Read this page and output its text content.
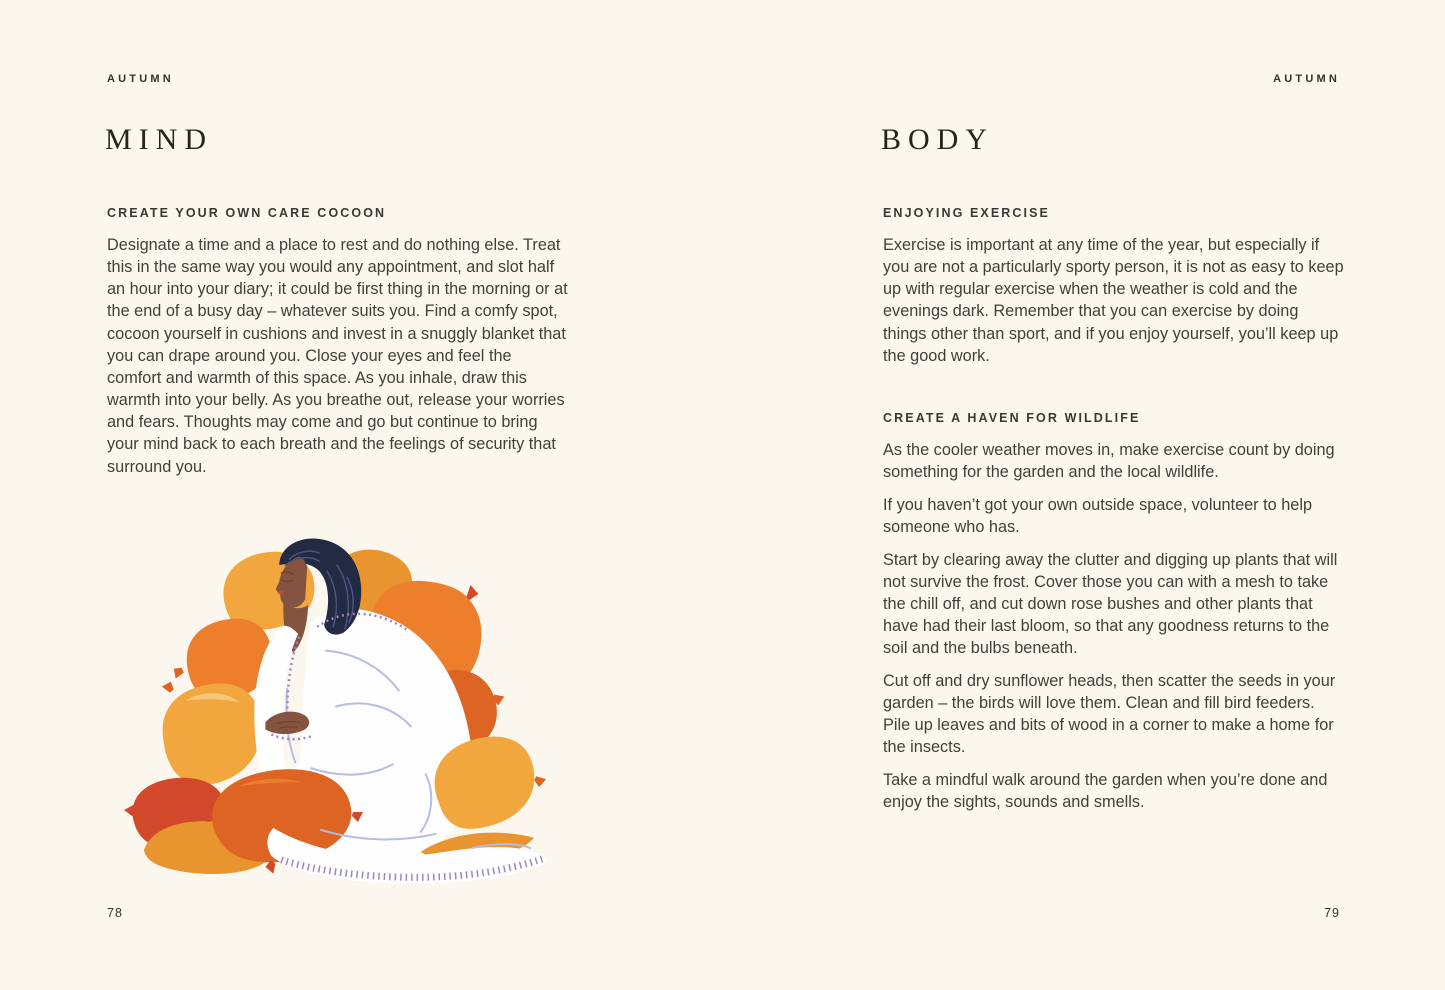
AUTUMN
MIND
CREATE YOUR OWN CARE COCOON
Designate a time and a place to rest and do nothing else. Treat this in the same way you would any appointment, and slot half an hour into your diary; it could be first thing in the morning or at the end of a busy day – whatever suits you. Find a comfy spot, cocoon yourself in cushions and invest in a snuggly blanket that you can drape around you. Close your eyes and feel the comfort and warmth of this space. As you inhale, draw this warmth into your belly. As you breathe out, release your worries and fears. Thoughts may come and go but continue to bring your mind back to each breath and the feelings of security that surround you.
78
AUTUMN
BODY
ENJOYING EXERCISE

Exercise is important at any time of the year, but especially if you are not a particularly sporty person, it is not as easy to keep up with regular exercise when the weather is cold and the evenings dark. Remember that you can exercise by doing things other than sport, and if you enjoy yourself, you’ll keep up the good work.

CREATE A HAVEN FOR WILDLIFE

As the cooler weather moves in, make exercise count by doing something for the garden and the local wildlife.

If you haven’t got your own outside space, volunteer to help someone who has.

Start by clearing away the clutter and digging up plants that will not survive the frost. Cover those you can with a mesh to take the chill off, and cut down rose bushes and other plants that have had their last bloom, so that any goodness returns to the soil and the bulbs beneath.

Cut off and dry sunflower heads, then scatter the seeds in your garden – the birds will love them. Clean and fill bird feeders. Pile up leaves and bits of wood in a corner to make a home for the insects.

Take a mindful walk around the garden when you’re done and enjoy the sights, sounds and smells.

79
